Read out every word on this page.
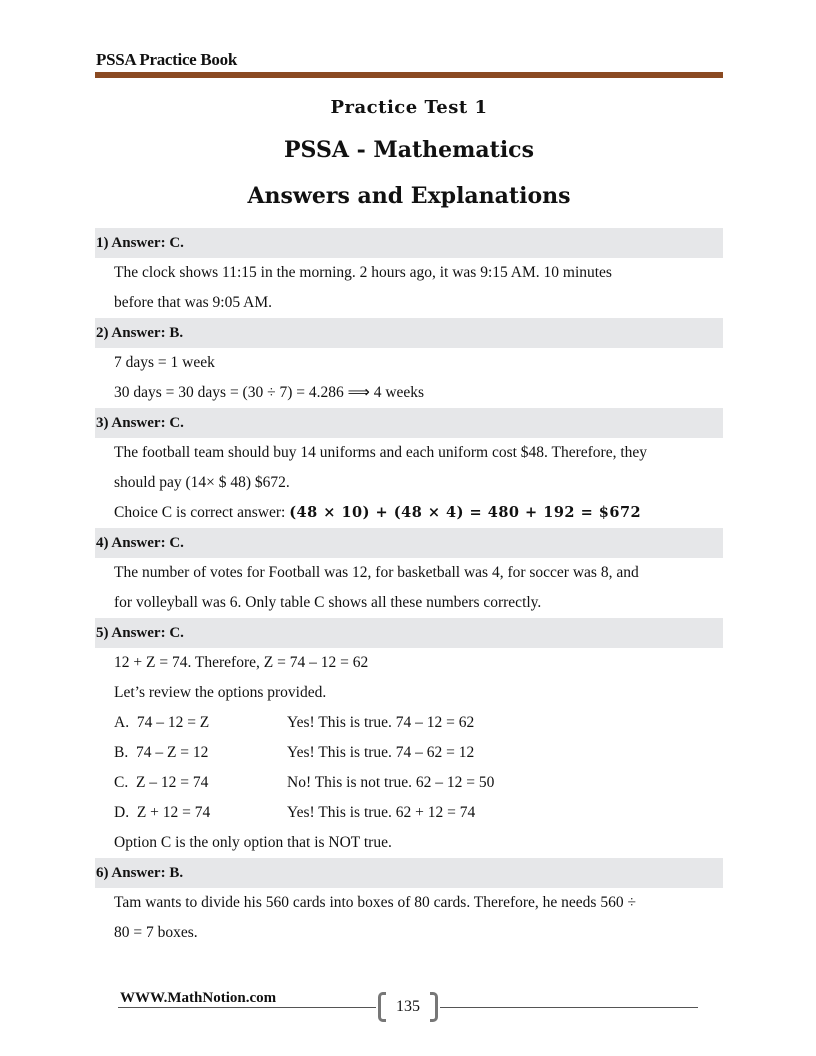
PSSA Practice Book
Practice Test 1
PSSA - Mathematics
Answers and Explanations
1) Answer: C.
The clock shows 11:15 in the morning. 2 hours ago, it was 9:15 AM. 10 minutes
before that was 9:05 AM.
2) Answer: B.
7 days = 1 week
30 days = 30 days = (30 ÷ 7) = 4.286 ⟹ 4 weeks
3) Answer: C.
The football team should buy 14 uniforms and each uniform cost $48. Therefore, they
should pay (14× $ 48) $672.
Choice C is correct answer: (48 × 10) + (48 × 4) = 480 + 192 = $672
4) Answer: C.
The number of votes for Football was 12, for basketball was 4, for soccer was 8, and
for volleyball was 6. Only table C shows all these numbers correctly.
5) Answer: C.
12 + Z = 74. Therefore, Z = 74 – 12 = 62
Let’s review the options provided.
A.  74 – 12 = Z	Yes! This is true. 74 – 12 = 62
B.  74 – Z = 12	Yes! This is true. 74 – 62 = 12
C.  Z – 12 = 74	No! This is not true. 62 – 12 = 50
D.  Z + 12 = 74	Yes! This is true. 62 + 12 = 74
Option C is the only option that is NOT true.
6) Answer: B.
Tam wants to divide his 560 cards into boxes of 80 cards. Therefore, he needs 560 ÷
80 = 7 boxes.
WWW.MathNotion.com	135
